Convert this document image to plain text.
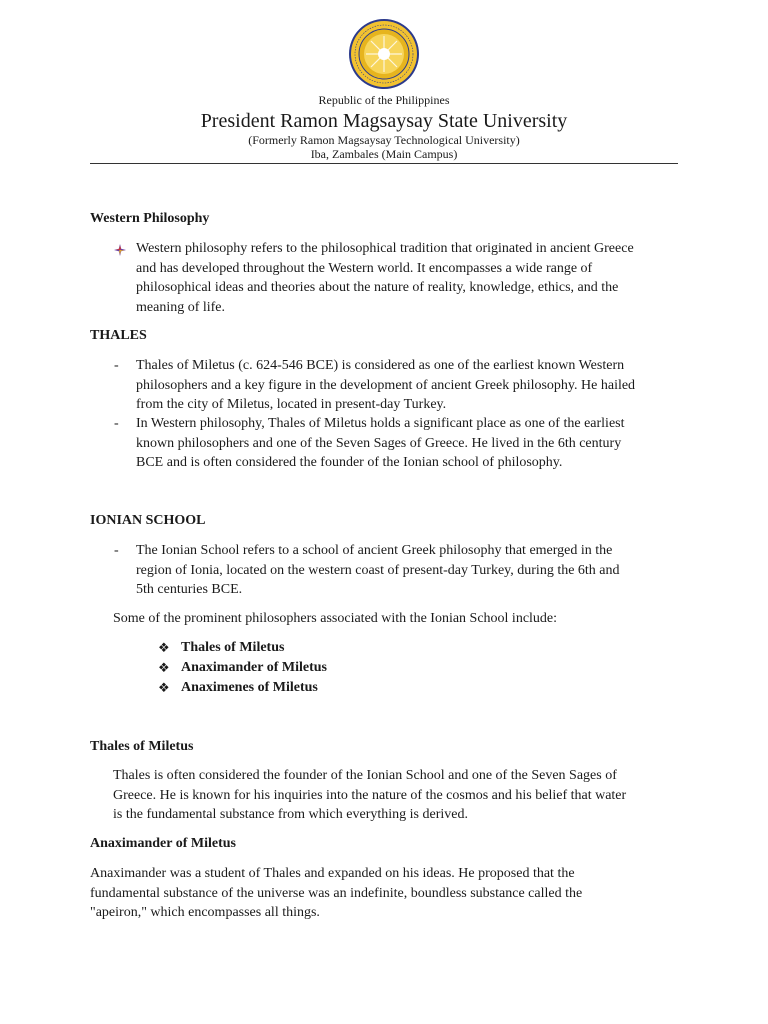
Republic of the Philippines
President Ramon Magsaysay State University
(Formerly Ramon Magsaysay Technological University)
Iba, Zambales (Main Campus)
Western Philosophy
Western philosophy refers to the philosophical tradition that originated in ancient Greece
and has developed throughout the Western world. It encompasses a wide range of
philosophical ideas and theories about the nature of reality, knowledge, ethics, and the
meaning of life.
THALES
- Thales of Miletus (c. 624-546 BCE) is considered as one of the earliest known Western
philosophers and a key figure in the development of ancient Greek philosophy. He hailed
from the city of Miletus, located in present-day Turkey.
- In Western philosophy, Thales of Miletus holds a significant place as one of the earliest
known philosophers and one of the Seven Sages of Greece. He lived in the 6th century
BCE and is often considered the founder of the Ionian school of philosophy.
IONIAN SCHOOL
- The Ionian School refers to a school of ancient Greek philosophy that emerged in the
region of Ionia, located on the western coast of present-day Turkey, during the 6th and
5th centuries BCE.
Some of the prominent philosophers associated with the Ionian School include:
❖ Thales of Miletus
❖ Anaximander of Miletus
❖ Anaximenes of Miletus
Thales of Miletus
Thales is often considered the founder of the Ionian School and one of the Seven Sages of
Greece. He is known for his inquiries into the nature of the cosmos and his belief that water
is the fundamental substance from which everything is derived.
Anaximander of Miletus
Anaximander was a student of Thales and expanded on his ideas. He proposed that the
fundamental substance of the universe was an indefinite, boundless substance called the
"apeiron," which encompasses all things.
